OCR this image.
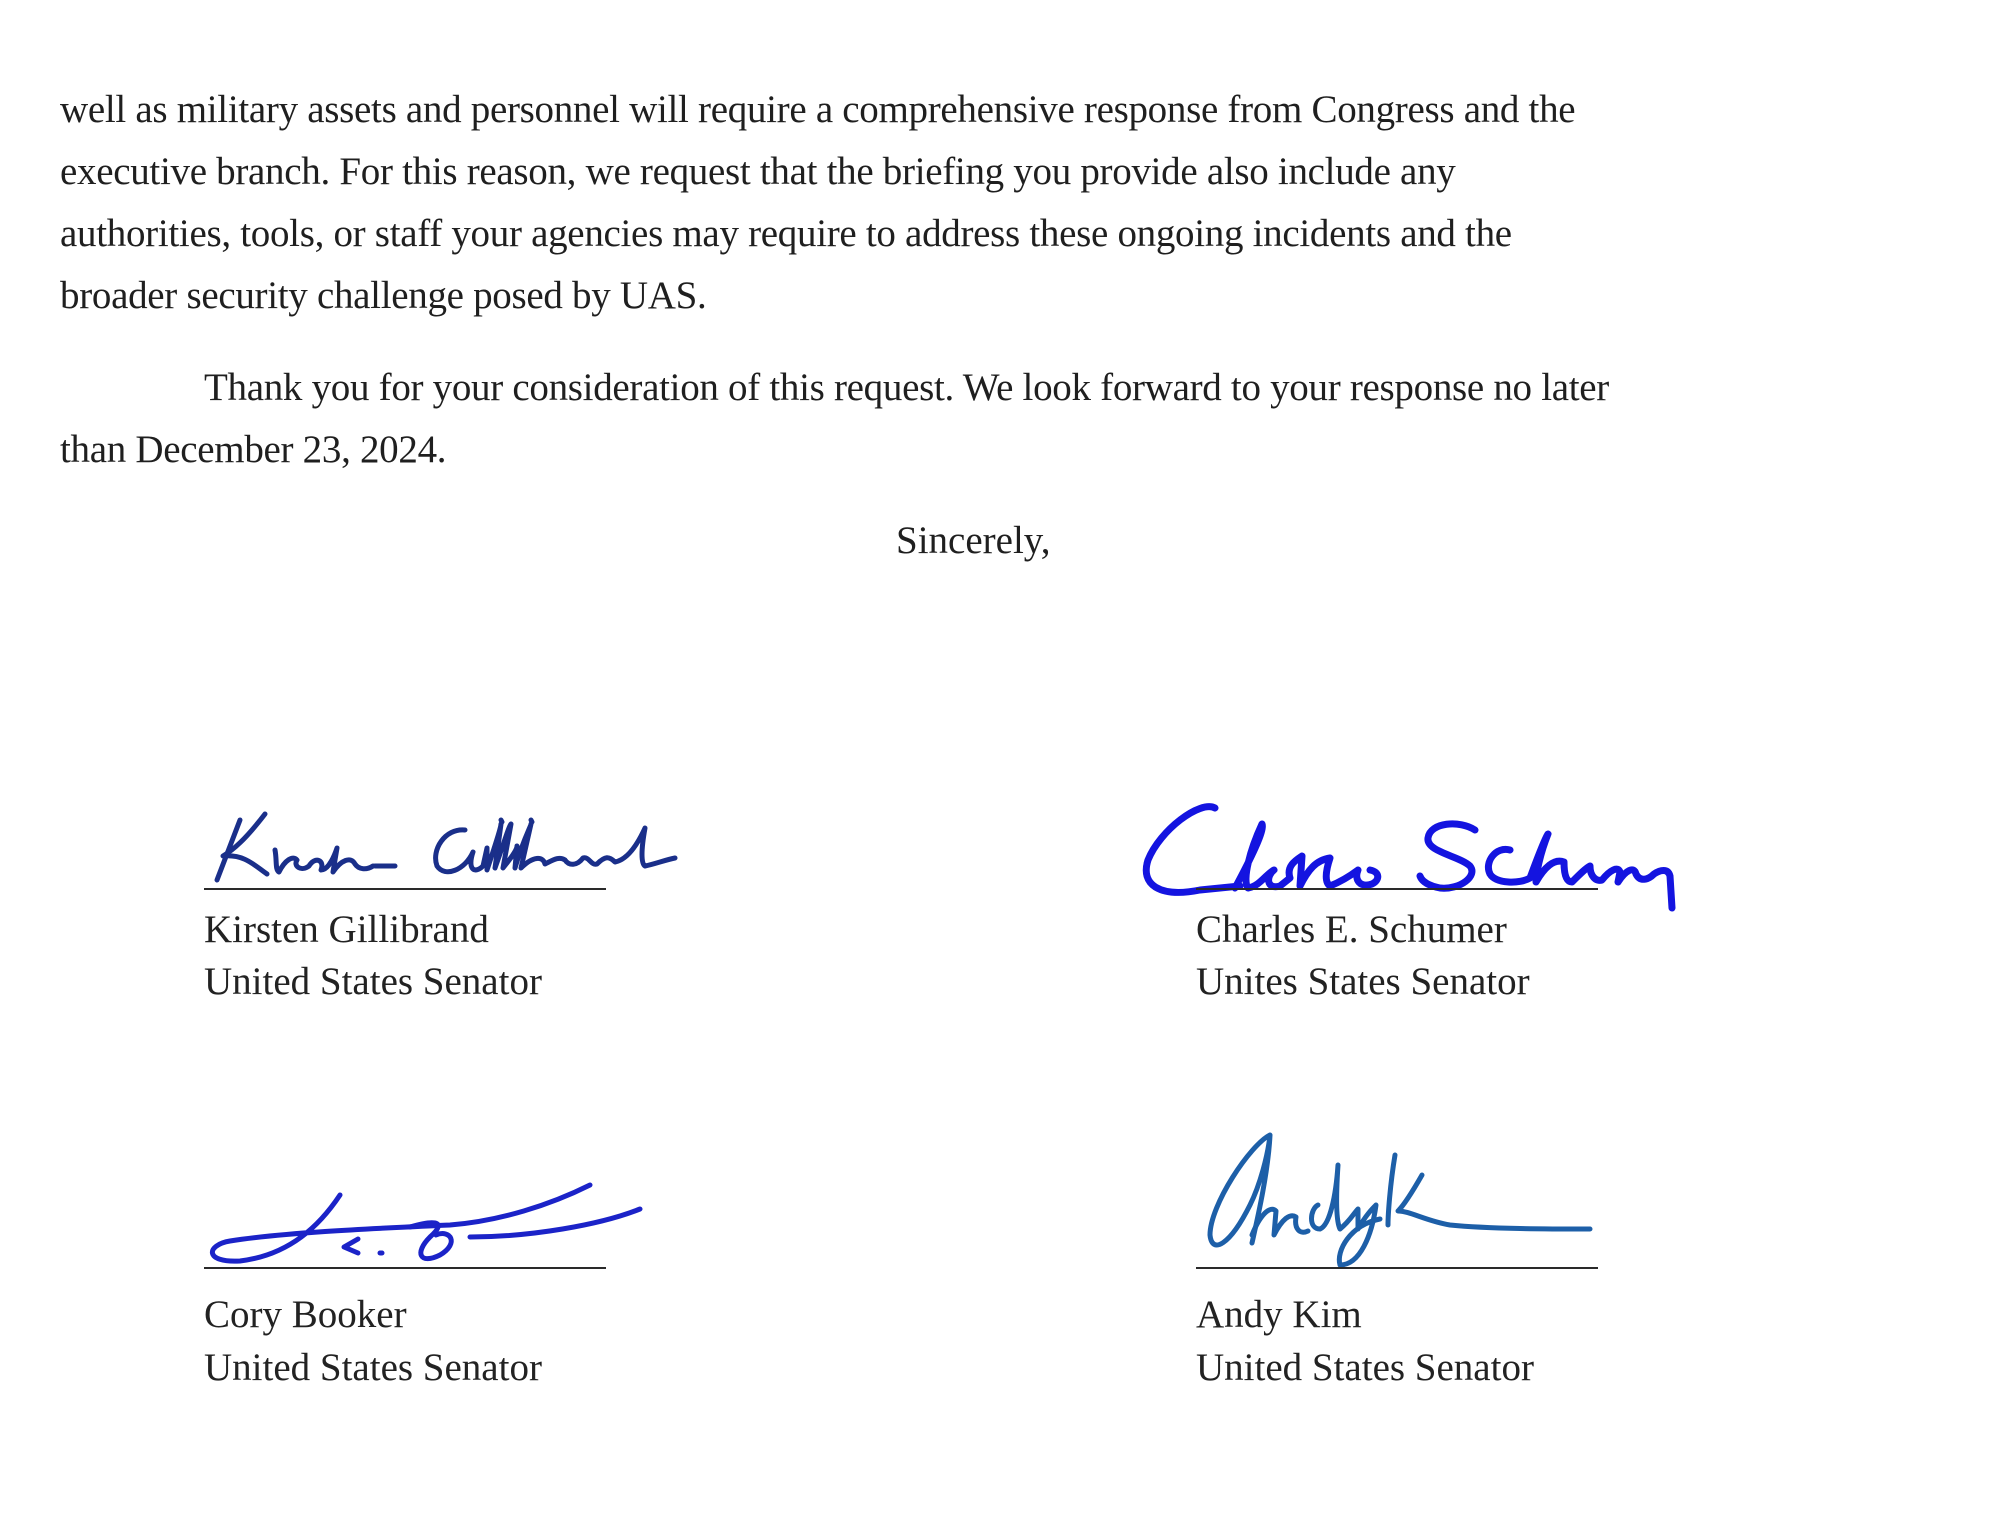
well as military assets and personnel will require a comprehensive response from Congress and the
executive branch. For this reason, we request that the briefing you provide also include any
authorities, tools, or staff your agencies may require to address these ongoing incidents and the
broader security challenge posed by UAS.
Thank you for your consideration of this request. We look forward to your response no later
than December 23, 2024.
Sincerely,
Kirsten Gillibrand
United States Senator
Charles E. Schumer
Unites States Senator
Cory Booker
United States Senator
Andy Kim
United States Senator
